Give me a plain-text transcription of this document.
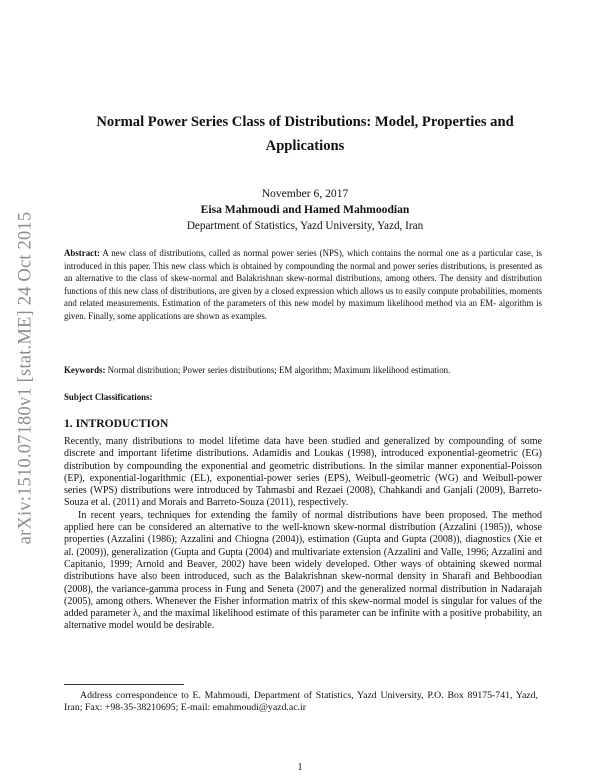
arXiv:1510.07180v1 [stat.ME] 24 Oct 2015
Normal Power Series Class of Distributions: Model, Properties and Applications
November 6, 2017
Eisa Mahmoudi and Hamed Mahmoodian
Department of Statistics, Yazd University, Yazd, Iran
Abstract: A new class of distributions, called as normal power series (NPS), which contains the normal one as a particular case, is introduced in this paper. This new class which is obtained by compounding the normal and power series distributions, is presented as an alternative to the class of skew-normal and Balakrishnan skew-normal distributions, among others. The density and distribution functions of this new class of distributions, are given by a closed expression which allows us to easily compute probabilities, moments and related measurements. Estimation of the parameters of this new model by maximum likelihood method via an EM- algorithm is given. Finally, some applications are shown as examples.
Keywords: Normal distribution; Power series distributions; EM algorithm; Maximum likelihood estimation.
Subject Classifications:
1. INTRODUCTION

Recently, many distributions to model lifetime data have been studied and generalized by compounding of some discrete and important lifetime distributions. Adamidis and Loukas (1998), introduced exponential-geometric (EG) distribution by compounding the exponential and geometric distributions. In the similar manner exponential-Poisson (EP), exponential-logarithmic (EL), exponential-power series (EPS), Weibull-geometric (WG) and Weibull-power series (WPS) distributions were introduced by Tahmasbi and Rezaei (2008), Chahkandi and Ganjali (2009), Barreto-Souza et al. (2011) and Morais and Barreto-Souza (2011), respectively.

In recent years, techniques for extending the family of normal distributions have been proposed. The method applied here can be considered an alternative to the well-known skew-normal distribution (Azzalini (1985)), whose properties (Azzalini (1986); Azzalini and Chiogna (2004)), estimation (Gupta and Gupta (2008)), diagnostics (Xie et al. (2009)), generalization (Gupta and Gupta (2004) and multivariate extension (Azzalini and Valle, 1996; Azzalini and Capitanio, 1999; Arnold and Beaver, 2002) have been widely developed. Other ways of obtaining skewed normal distributions have also been introduced, such as the Balakrishnan skew-normal density in Sharafi and Behboodian (2008), the variance-gamma process in Fung and Seneta (2007) and the generalized normal distribution in Nadarajah (2005), among others. Whenever the Fisher information matrix of this skew-normal model is singular for values of the added parameter λ, and the maximal likelihood estimate of this parameter can be infinite with a positive probability, an alternative model would be desirable.

Address correspondence to E. Mahmoudi, Department of Statistics, Yazd University, P.O. Box 89175-741, Yazd, Iran; Fax: +98-35-38210695; E-mail: emahmoudi@yazd.ac.ir
1
